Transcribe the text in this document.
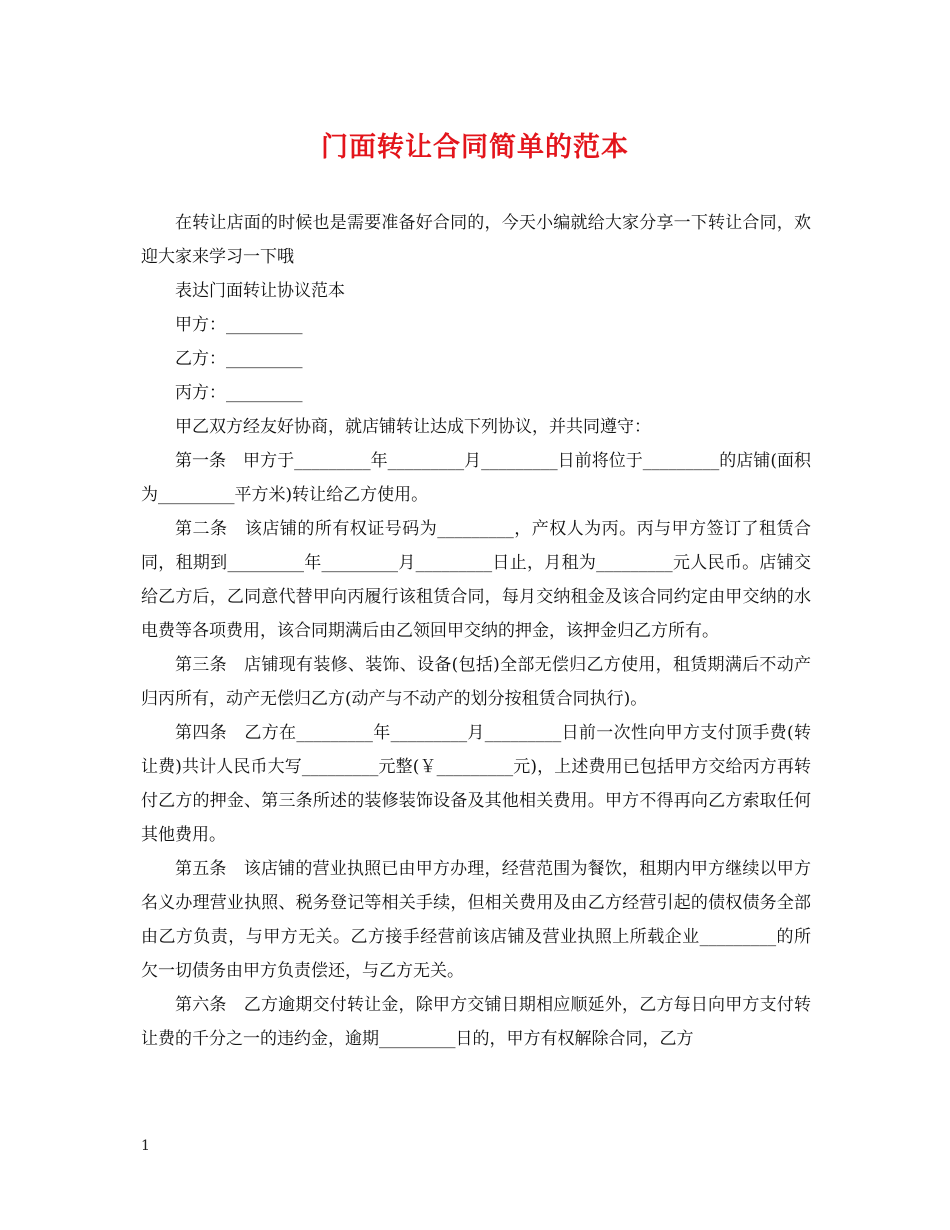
门面转让合同简单的范本

在转让店面的时候也是需要准备好合同的，今天小编就给大家分享一下转让合同，欢迎大家来学习一下哦

表达门面转让协议范本

甲方：_________

乙方：_________

丙方：_________

甲乙双方经友好协商，就店铺转让达成下列协议，并共同遵守：

第一条　甲方于_________年_________月_________日前将位于_________的店铺(面积为_________平方米)转让给乙方使用。

第二条　该店铺的所有权证号码为_________，产权人为丙。丙与甲方签订了租赁合同，租期到_________年_________月_________日止，月租为_________元人民币。店铺交给乙方后，乙同意代替甲向丙履行该租赁合同，每月交纳租金及该合同约定由甲交纳的水电费等各项费用，该合同期满后由乙领回甲交纳的押金，该押金归乙方所有。

第三条　店铺现有装修、装饰、设备(包括)全部无偿归乙方使用，租赁期满后不动产归丙所有，动产无偿归乙方(动产与不动产的划分按租赁合同执行)。

第四条　乙方在_________年_________月_________日前一次性向甲方支付顶手费(转让费)共计人民币大写_________元整(￥_________元)，上述费用已包括甲方交给丙方再转付乙方的押金、第三条所述的装修装饰设备及其他相关费用。甲方不得再向乙方索取任何其他费用。

第五条　该店铺的营业执照已由甲方办理，经营范围为餐饮，租期内甲方继续以甲方名义办理营业执照、税务登记等相关手续，但相关费用及由乙方经营引起的债权债务全部由乙方负责，与甲方无关。乙方接手经营前该店铺及营业执照上所载企业_________的所欠一切债务由甲方负责偿还，与乙方无关。

第六条　乙方逾期交付转让金，除甲方交铺日期相应顺延外，乙方每日向甲方支付转让费的千分之一的违约金，逾期_________日的，甲方有权解除合同，乙方

1
